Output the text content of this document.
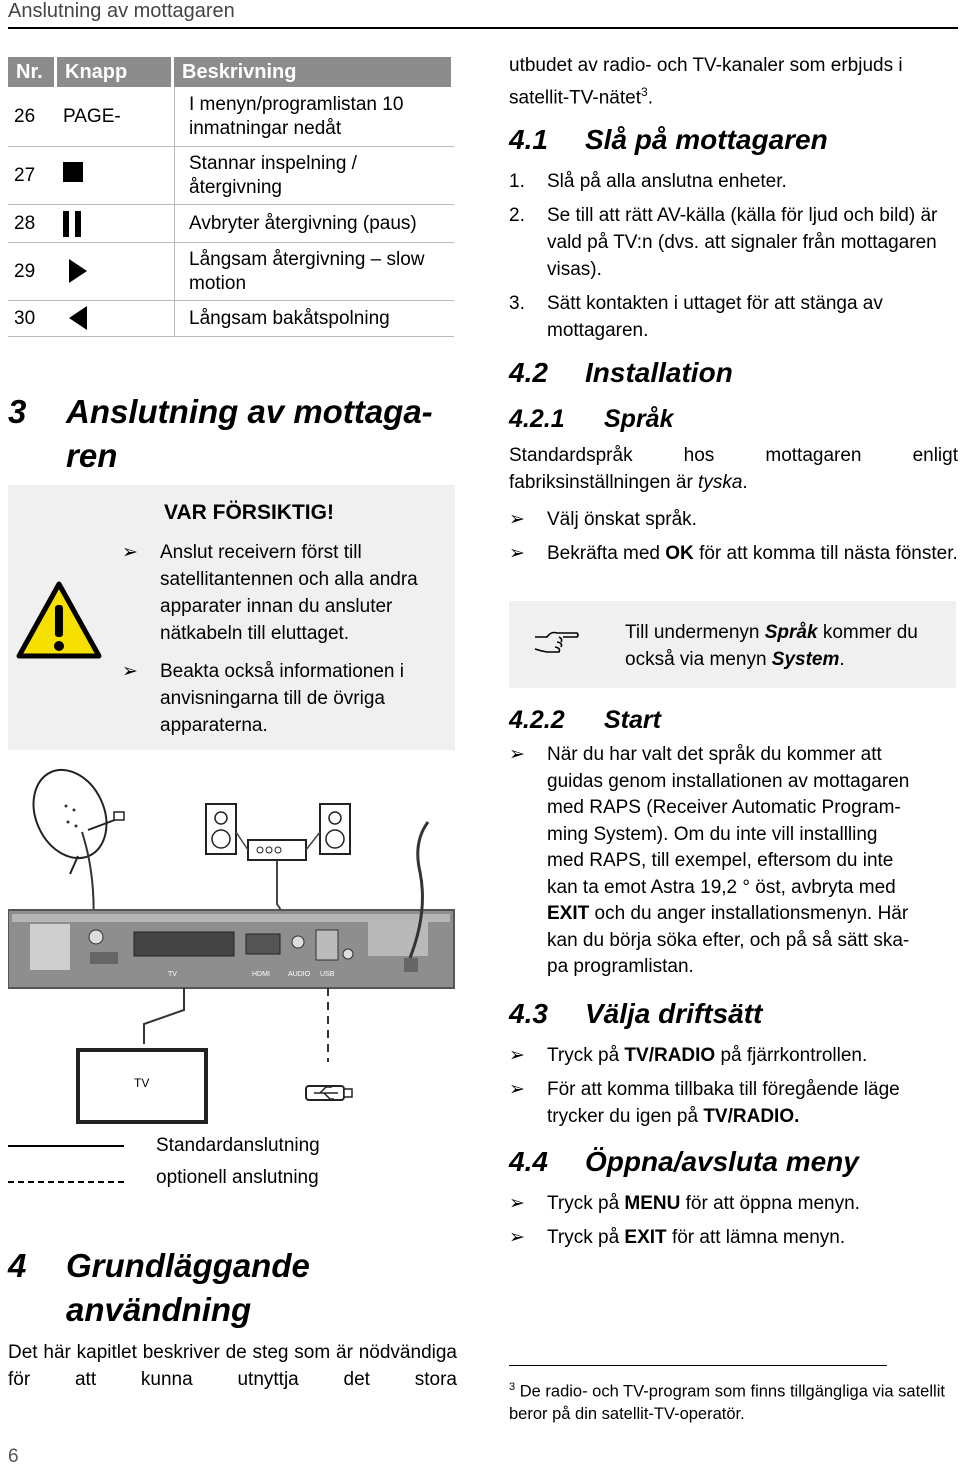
Anslutning av mottagaren
Nr.	Knapp	Beskrivning
26	PAGE-	I menyn/programlistan 10 inmatningar nedåt
27		Stannar inspelning / återgivning
28		Avbryter återgivning (paus)
29		Långsam återgivning – slow motion
30		Långsam bakåtspolning
3 Anslutning av mottaga-
ren
VAR FÖRSIKTIG!
➢ Anslut receivern först till satellitantennen och alla andra apparater innan du ansluter nätkabeln till eluttaget.
➢ Beakta också informationen i anvisningarna till de övriga apparaterna.
TV	HDMI	AUDIO USB
TV
Standardanslutning
optionell anslutning
4 Grundläggande
användning
Det här kapitlet beskriver de steg som är nödvändiga för att kunna utnyttja det stora
6
utbudet av radio- och TV-kanaler som erbjuds i satellit-TV-nätet$^3$.
4.1 Slå på mottagaren
1. Slå på alla anslutna enheter.
2. Se till att rätt AV-källa (källa för ljud och bild) är vald på TV:n (dvs. att signaler från mottagaren visas).
3. Sätt kontakten i uttaget för att stänga av mottagaren.
4.2 Installation
4.2.1 Språk
Standardspråk hos mottagaren enligt fabriksinställningen är tyska.
➢ Välj önskat språk.
➢ Bekräfta med OK för att komma till nästa fönster.
Till undermenyn Språk kommer du också via menyn System.
4.2.2 Start
➢ När du har valt det språk du kommer att
guidas genom installationen av mottagaren
med RAPS (Receiver Automatic Program-
ming System). Om du inte vill installling
med RAPS, till exempel, eftersom du inte
kan ta emot Astra 19,2 ° öst, avbryta med
EXIT och du anger installationsmenyn. Här
kan du börja söka efter, och på så sätt ska-
pa programlistan.
4.3 Välja driftsätt
➢ Tryck på TV/RADIO på fjärrkontrollen.
➢ För att komma tillbaka till föregående läge
trycker du igen på TV/RADIO.
4.4 Öppna/avsluta meny
➢ Tryck på MENU för att öppna menyn.
➢ Tryck på EXIT för att lämna menyn.
$^3$ De radio- och TV-program som finns tillgängliga via satellit beror på din satellit-TV-operatör.
